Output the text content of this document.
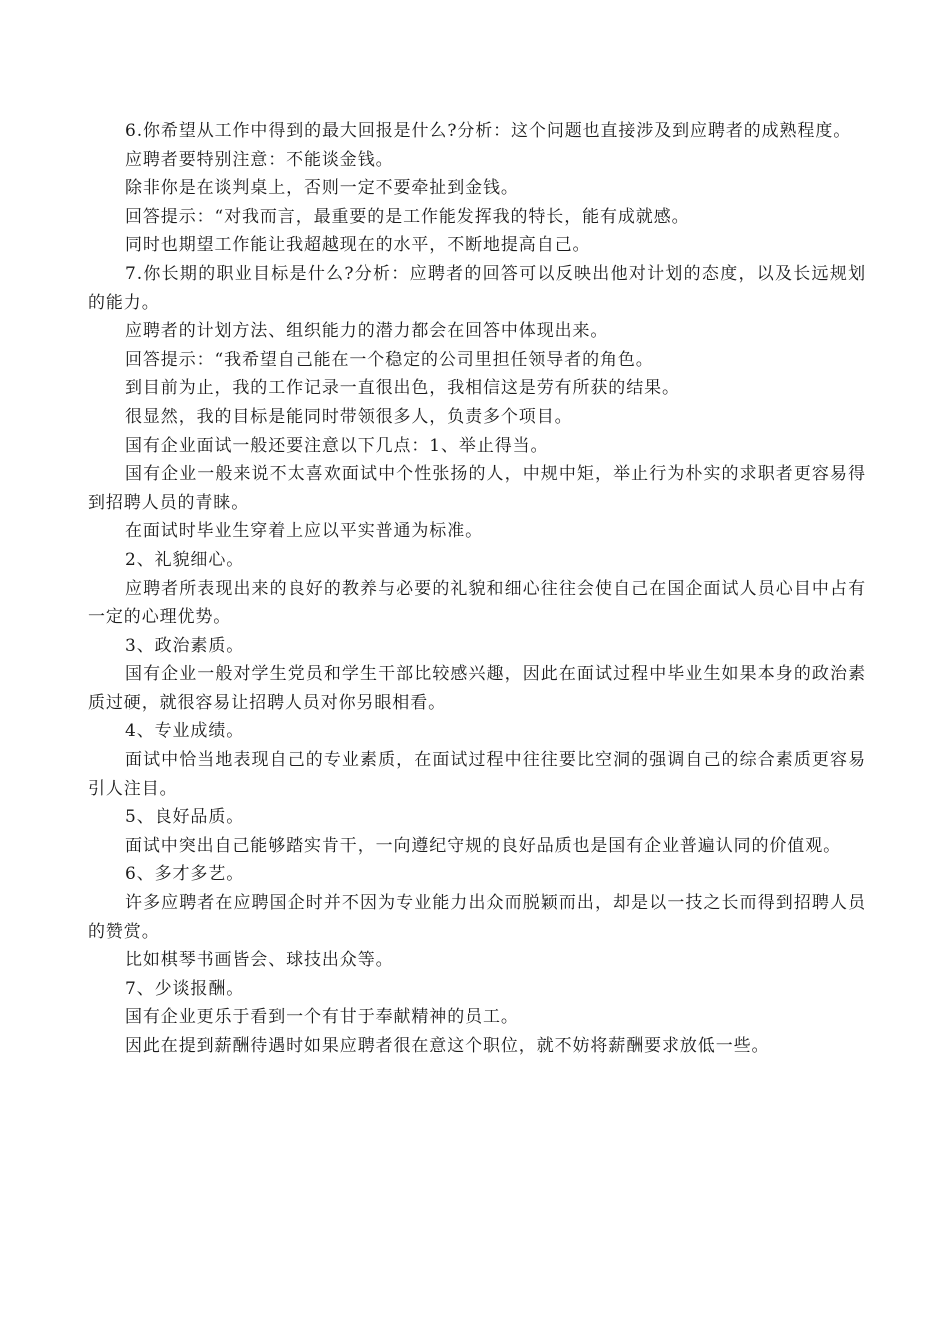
6.你希望从工作中得到的最大回报是什么?分析：这个问题也直接涉及到应聘者的成熟程度。

应聘者要特别注意：不能谈金钱。

除非你是在谈判桌上，否则一定不要牵扯到金钱。

回答提示：“对我而言，最重要的是工作能发挥我的特长，能有成就感。

同时也期望工作能让我超越现在的水平，不断地提高自己。

7.你长期的职业目标是什么?分析：应聘者的回答可以反映出他对计划的态度，以及长远规划的能力。

应聘者的计划方法、组织能力的潜力都会在回答中体现出来。

回答提示：“我希望自己能在一个稳定的公司里担任领导者的角色。

到目前为止，我的工作记录一直很出色，我相信这是劳有所获的结果。

很显然，我的目标是能同时带领很多人，负责多个项目。

国有企业面试一般还要注意以下几点：1、举止得当。

国有企业一般来说不太喜欢面试中个性张扬的人，中规中矩，举止行为朴实的求职者更容易得到招聘人员的青睐。

在面试时毕业生穿着上应以平实普通为标准。

2、礼貌细心。

应聘者所表现出来的良好的教养与必要的礼貌和细心往往会使自己在国企面试人员心目中占有一定的心理优势。

3、政治素质。

国有企业一般对学生党员和学生干部比较感兴趣，因此在面试过程中毕业生如果本身的政治素质过硬，就很容易让招聘人员对你另眼相看。

4、专业成绩。

面试中恰当地表现自己的专业素质，在面试过程中往往要比空洞的强调自己的综合素质更容易引人注目。

5、良好品质。

面试中突出自己能够踏实肯干，一向遵纪守规的良好品质也是国有企业普遍认同的价值观。

6、多才多艺。

许多应聘者在应聘国企时并不因为专业能力出众而脱颖而出，却是以一技之长而得到招聘人员的赞赏。

比如棋琴书画皆会、球技出众等。

7、少谈报酬。

国有企业更乐于看到一个有甘于奉献精神的员工。

因此在提到薪酬待遇时如果应聘者很在意这个职位，就不妨将薪酬要求放低一些。
